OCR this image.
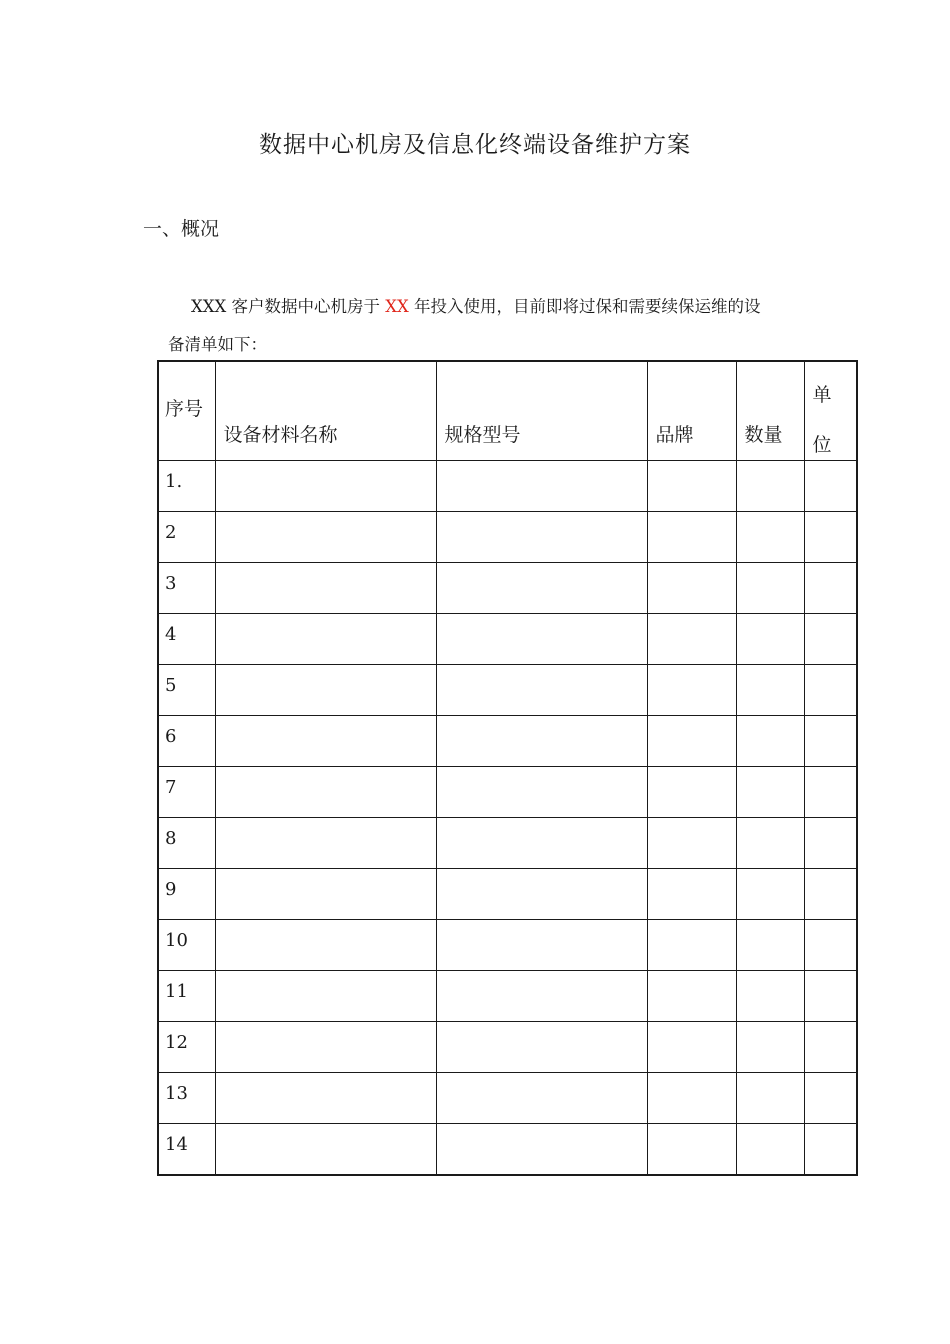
数据中心机房及信息化终端设备维护方案
一、概况
XXX 客户数据中心机房于 XX 年投入使用，目前即将过保和需要续保运维的设
备清单如下：
序号	设备材料名称	规格型号	品牌	数量	单
位

1.					

2					

3					

4					

5					

6					

7					

8					

9					

10					

11					

12					

13					

14					
